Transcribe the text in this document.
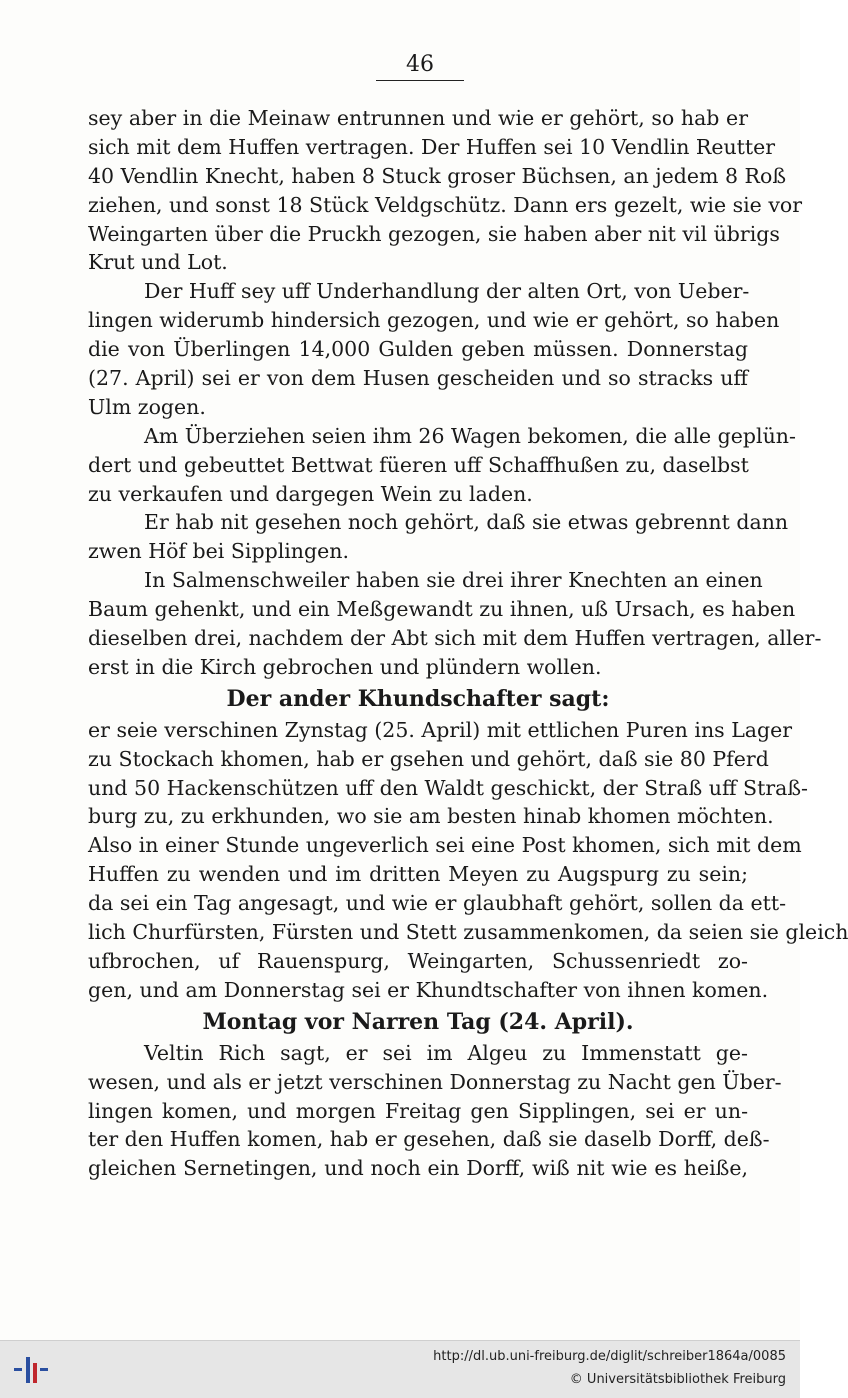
46
sey aber in die Meinaw entrunnen und wie er gehört, so hab er
sich mit dem Huffen vertragen. Der Huffen sei 10 Vendlin Reutter
40 Vendlin Knecht, haben 8 Stuck groser Büchsen, an jedem 8 Roß
ziehen, und sonst 18 Stück Veldgschütz. Dann ers gezelt, wie sie vor
Weingarten über die Pruckh gezogen, sie haben aber nit vil übrigs
Krut und Lot.
Der Huff sey uff Underhandlung der alten Ort, von Ueber-
lingen widerumb hindersich gezogen, und wie er gehört, so haben
die von Überlingen 14,000 Gulden geben müssen. Donnerstag
(27. April) sei er von dem Husen gescheiden und so stracks uff
Ulm zogen.
Am Überziehen seien ihm 26 Wagen bekomen, die alle geplün-
dert und gebeuttet Bettwat füeren uff Schaffhußen zu, daselbst
zu verkaufen und dargegen Wein zu laden.
Er hab nit gesehen noch gehört, daß sie etwas gebrennt dann
zwen Höf bei Sipplingen.
In Salmenschweiler haben sie drei ihrer Knechten an einen
Baum gehenkt, und ein Meßgewandt zu ihnen, uß Ursach, es haben
dieselben drei, nachdem der Abt sich mit dem Huffen vertragen, aller-
erst in die Kirch gebrochen und plündern wollen.
Der ander Khundschafter sagt:
er seie verschinen Zynstag (25. April) mit ettlichen Puren ins Lager
zu Stockach khomen, hab er gsehen und gehört, daß sie 80 Pferd
und 50 Hackenschützen uff den Waldt geschickt, der Straß uff Straß-
burg zu, zu erkhunden, wo sie am besten hinab khomen möchten.
Also in einer Stunde ungeverlich sei eine Post khomen, sich mit dem
Huffen zu wenden und im dritten Meyen zu Augspurg zu sein;
da sei ein Tag angesagt, und wie er glaubhaft gehört, sollen da ett-
lich Churfürsten, Fürsten und Stett zusammenkomen, da seien sie gleich
ufbrochen, uf Rauenspurg, Weingarten, Schussenriedt zo-
gen, und am Donnerstag sei er Khundtschafter von ihnen komen.
Montag vor Narren Tag (24. April).
Veltin Rich sagt, er sei im Algeu zu Immenstatt ge-
wesen, und als er jetzt verschinen Donnerstag zu Nacht gen Über-
lingen komen, und morgen Freitag gen Sipplingen, sei er un-
ter den Huffen komen, hab er gesehen, daß sie daselb Dorff, deß-
gleichen Sernetingen, und noch ein Dorff, wiß nit wie es heiße,
http://dl.ub.uni-freiburg.de/diglit/schreiber1864a/0085
© Universitätsbibliothek Freiburg
